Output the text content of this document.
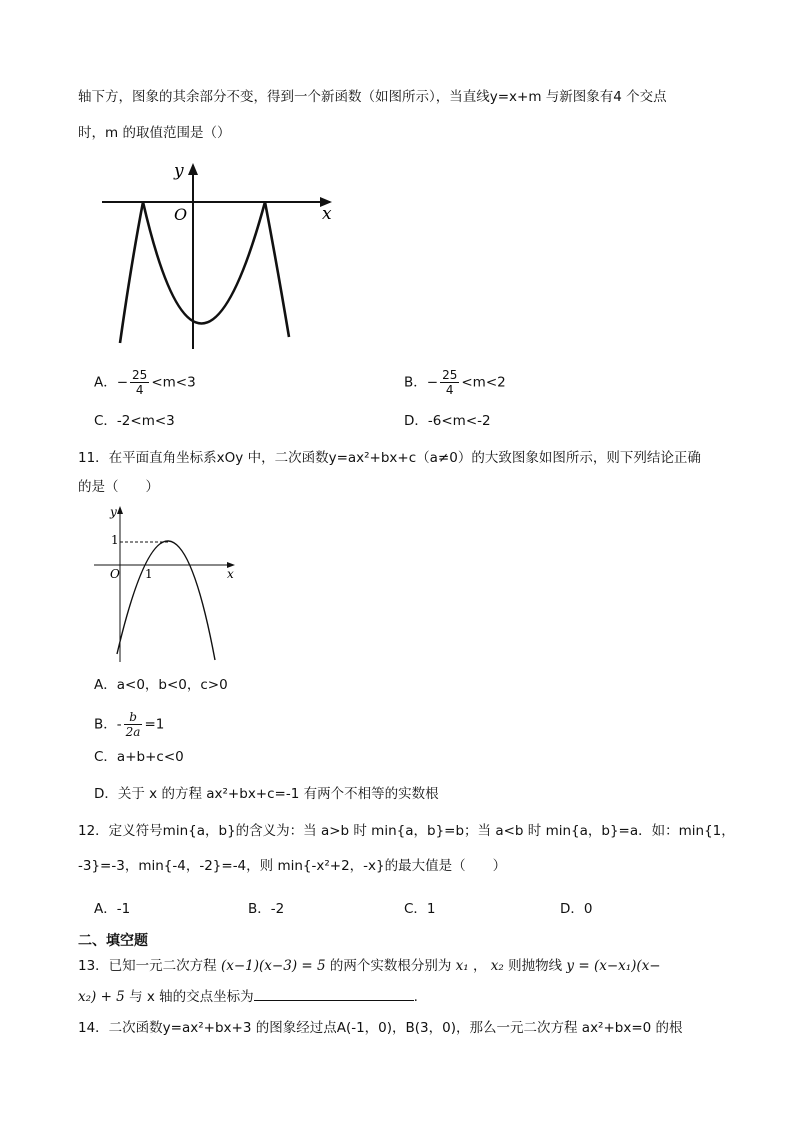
轴下方，图象的其余部分不变，得到一个新函数（如图所示），当直线y=x+m 与新图象有4 个交点
时，m 的取值范围是（）
y
x
O
A．− $\frac{25}{4} <m<3$	B．− $\frac{25}{4} <m<2$
C．-2<m<3	D．-6<m<-2
11．在平面直角坐标系xOy 中，二次函数y=ax²+bx+c（a≠0）的大致图象如图所示，则下列结论正确
的是（　　）
y
x
O 1
1
A．a<0，b<0，c>0
B．- $\frac{b}{2a} =1$
C．a+b+c<0
D．关于 x 的方程 ax²+bx+c=-1 有两个不相等的实数根
12．定义符号min{a，b}的含义为：当 a>b 时 min{a，b}=b；当 a<b 时 min{a，b}=a．如：min{1，
-3}=-3，min{-4，-2}=-4，则 min{-x²+2，-x}的最大值是（　　）
A．-1	B．-2	C．1	D．0
二、填空题
13．已知一元二次方程 (x−1)(x−3) = 5 的两个实数根分别为 x₁ ， x₂ 则抛物线 y = (x−x₁)(x−
x₂) + 5 与 x 轴的交点坐标为	.
14．二次函数y=ax²+bx+3 的图象经过点A(-1，0)，B(3，0)，那么一元二次方程 ax²+bx=0 的根
